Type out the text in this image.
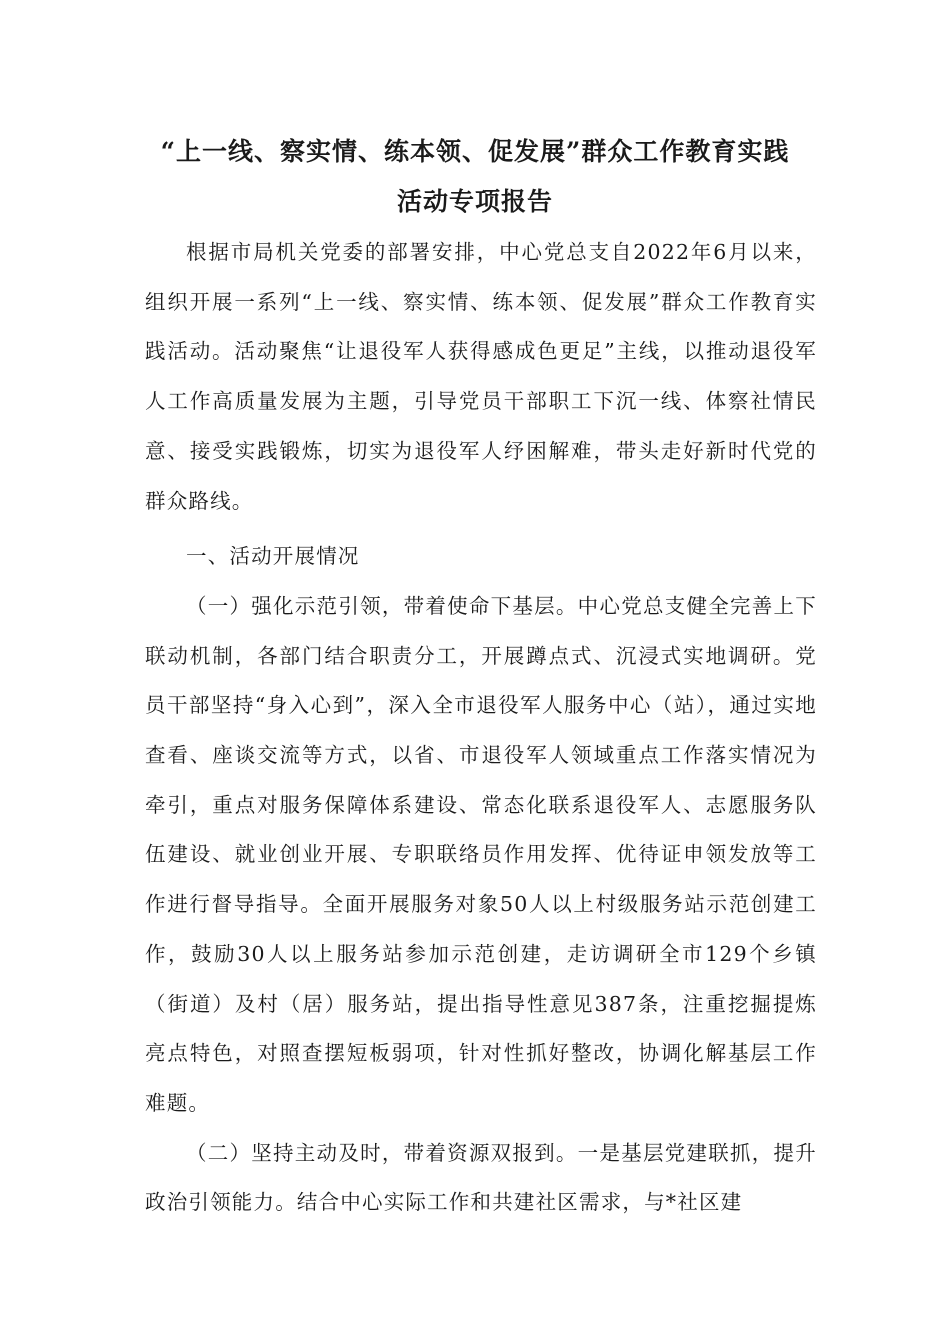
“上一线、察实情、练本领、促发展”群众工作教育实践
活动专项报告

根据市局机关党委的部署安排，中心党总支自2022年6月以来，组织开展一系列“上一线、察实情、练本领、促发展”群众工作教育实践活动。活动聚焦“让退役军人获得感成色更足”主线，以推动退役军人工作高质量发展为主题，引导党员干部职工下沉一线、体察社情民意、接受实践锻炼，切实为退役军人纾困解难，带头走好新时代党的群众路线。

一、活动开展情况

（一）强化示范引领，带着使命下基层。中心党总支健全完善上下联动机制，各部门结合职责分工，开展蹲点式、沉浸式实地调研。党员干部坚持“身入心到”，深入全市退役军人服务中心（站），通过实地查看、座谈交流等方式，以省、市退役军人领域重点工作落实情况为牵引，重点对服务保障体系建设、常态化联系退役军人、志愿服务队伍建设、就业创业开展、专职联络员作用发挥、优待证申领发放等工作进行督导指导。全面开展服务对象50人以上村级服务站示范创建工作，鼓励30人以上服务站参加示范创建，走访调研全市129个乡镇（街道）及村（居）服务站，提出指导性意见387条，注重挖掘提炼亮点特色，对照查摆短板弱项，针对性抓好整改，协调化解基层工作难题。

（二）坚持主动及时，带着资源双报到。一是基层党建联抓，提升政治引领能力。结合中心实际工作和共建社区需求，与*社区建
